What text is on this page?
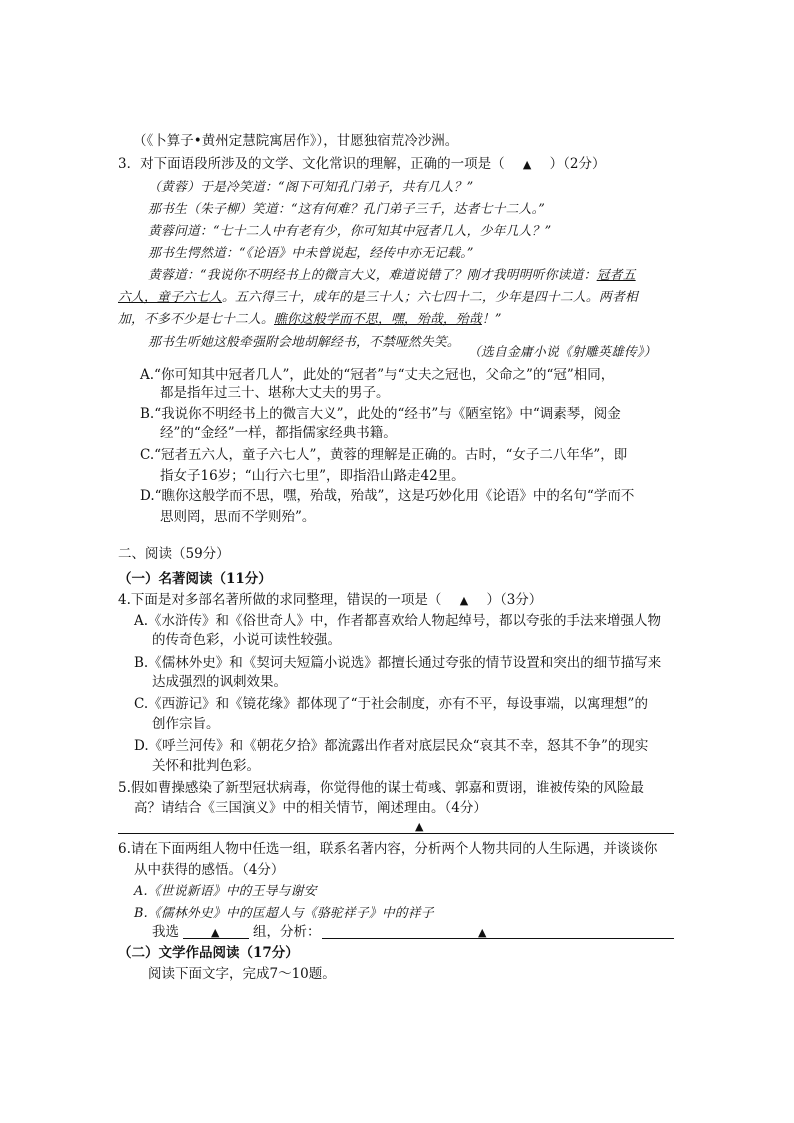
（《卜算子•黄州定慧院寓居作》），甘愿独宿荒冷沙洲。
3．对下面语段所涉及的文学、文化常识的理解，正确的一项是（ ▲ ）（2分）
（黄蓉）于是冷笑道：“阁下可知孔门弟子，共有几人？”
那书生（朱子柳）笑道：“这有何难？孔门弟子三千，达者七十二人。”
黄蓉问道：“七十二人中有老有少，你可知其中冠者几人，少年几人？”
那书生愕然道：“《论语》中未曾说起，经传中亦无记载。”
黄蓉道：“我说你不明经书上的微言大义，难道说错了？刚才我明明听你读道：冠者五
六人，童子六七人。五六得三十，成年的是三十人；六七四十二，少年是四十二人。两者相
加，不多不少是七十二人。瞧你这般学而不思，嘿，殆哉，殆哉！”
那书生听她这般牵强附会地胡解经书，不禁哑然失笑。
（选自金庸小说《射雕英雄传》）
A.“你可知其中冠者几人”，此处的“冠者”与“丈夫之冠也，父命之”的“冠”相同，
都是指年过三十、堪称大丈夫的男子。
B.“我说你不明经书上的微言大义”，此处的“经书”与《陋室铭》中“调素琴，阅金
经”的“金经”一样，都指儒家经典书籍。
C.“冠者五六人，童子六七人”，黄蓉的理解是正确的。古时，“女子二八年华”，即
指女子16岁；“山行六七里”，即指沿山路走42里。
D.“瞧你这般学而不思，嘿，殆哉，殆哉”，这是巧妙化用《论语》中的名句“学而不
思则罔，思而不学则殆”。
二、阅读（59分）
（一）名著阅读（11分）
4.下面是对多部名著所做的求同整理，错误的一项是（ ▲ ）（3分）
A.《水浒传》和《俗世奇人》中，作者都喜欢给人物起绰号，都以夸张的手法来增强人物
的传奇色彩，小说可读性较强。
B.《儒林外史》和《契诃夫短篇小说选》都擅长通过夸张的情节设置和突出的细节描写来
达成强烈的讽刺效果。
C.《西游记》和《镜花缘》都体现了“于社会制度，亦有不平，每设事端，以寓理想”的
创作宗旨。
D.《呼兰河传》和《朝花夕拾》都流露出作者对底层民众“哀其不幸，怒其不争”的现实
关怀和批判色彩。
5.假如曹操感染了新型冠状病毒，你觉得他的谋士荀彧、郭嘉和贾诩，谁被传染的风险最
高？请结合《三国演义》中的相关情节，阐述理由。（4分）
▲
6.请在下面两组人物中任选一组，联系名著内容，分析两个人物共同的人生际遇，并谈谈你
从中获得的感悟。（4分）
A.《世说新语》中的王导与谢安
B.《儒林外史》中的匡超人与《骆驼祥子》中的祥子
我选	▲ 组，分析：	▲
（二）文学作品阅读（17分）
阅读下面文字，完成7～10题。
